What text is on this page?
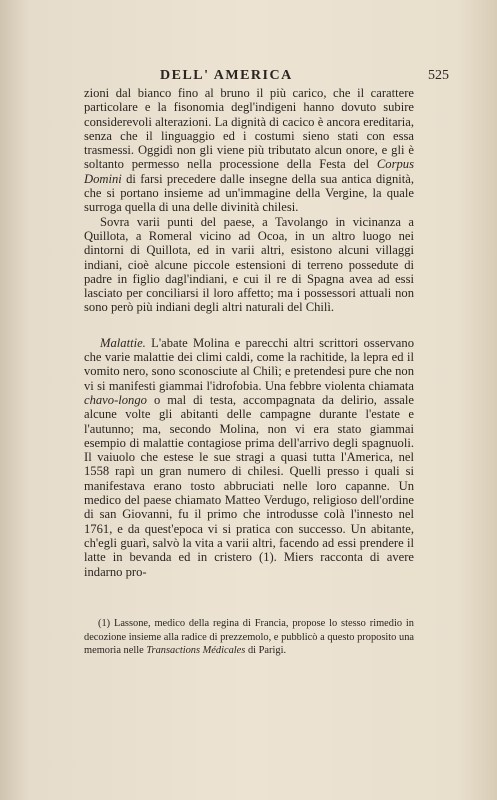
DELL' AMERICA	525

zioni dal bianco fino al bruno il più carico, che il carattere particolare e la fisonomia degl'indigeni hanno dovuto subire considerevoli alterazioni. La dignità di cacico è ancora ereditaria, senza che il linguaggio ed i costumi sieno stati con essa trasmessi. Oggidì non gli viene più tributato alcun onore, e gli è soltanto permesso nella processione della Festa del Corpus Domini di farsi precedere dalle insegne della sua antica dignità, che si portano insieme ad un'immagine della Vergine, la quale surroga quella di una delle divinità chilesi.

Sovra varii punti del paese, a Tavolango in vicinanza a Quillota, a Romeral vicino ad Ocoa, in un altro luogo nei dintorni di Quillota, ed in varii altri, esistono alcuni villaggi indiani, cioè alcune piccole estensioni di terreno possedute di padre in figlio dagl'indiani, e cui il re di Spagna avea ad essi lasciato per conciliarsi il loro affetto; ma i possessori attuali non sono però più indiani degli altri naturali del Chilì.

Malattie. L'abate Molina e parecchi altri scrittori osservano che varie malattie dei climi caldi, come la rachitide, la lepra ed il vomito nero, sono sconosciute al Chilì; e pretendesi pure che non vi si manifesti giammai l'idrofobia. Una febbre violenta chiamata chavo-longo o mal di testa, accompagnata da delirio, assale alcune volte gli abitanti delle campagne durante l'estate e l'autunno; ma, secondo Molina, non vi era stato giammai esempio di malattie contagiose prima dell'arrivo degli spagnuoli. Il vaiuolo che estese le sue stragi a quasi tutta l'America, nel 1558 rapì un gran numero di chilesi. Quelli presso i quali si manifestava erano tosto abbruciati nelle loro capanne. Un medico del paese chiamato Matteo Verdugo, religioso dell'ordine di san Giovanni, fu il primo che introdusse colà l'innesto nel 1761, e da quest'epoca vi si pratica con successo. Un abitante, ch'egli guarì, salvò la vita a varii altri, facendo ad essi prendere il latte in bevanda ed in cristero (1). Miers racconta di avere indarno pro-

(1) Lassone, medico della regina di Francia, propose lo stesso rimedio in decozione insieme alla radice di prezzemolo, e pubblicò a questo proposito una memoria nelle Transactions Médicales di Parigi.
